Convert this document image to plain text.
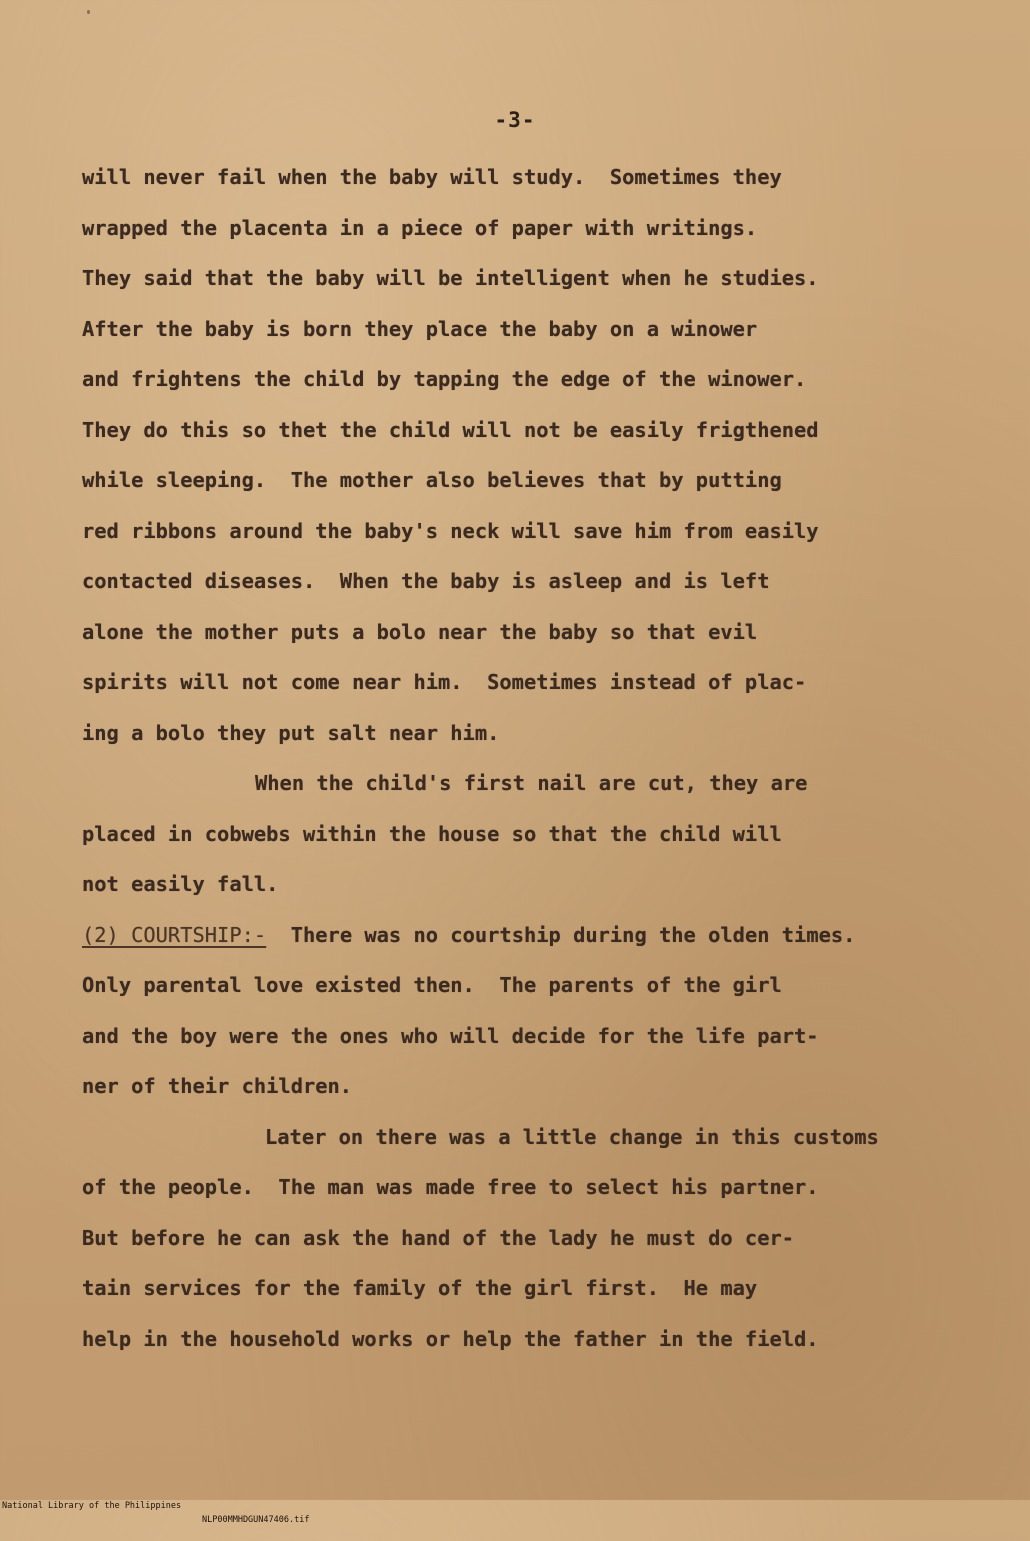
-3-
will never fail when the baby will study.  Sometimes they
wrapped the placenta in a piece of paper with writings.
They said that the baby will be intelligent when he studies.
After the baby is born they place the baby on a winower
and frightens the child by tapping the edge of the winower.
They do this so thet the child will not be easily frigthened
while sleeping.  The mother also believes that by putting
red ribbons around the baby's neck will save him from easily
contacted diseases.  When the baby is asleep and is left
alone the mother puts a bolo near the baby so that evil
spirits will not come near him.  Sometimes instead of plac-
ing a bolo they put salt near him.
When the child's first nail are cut, they are
placed in cobwebs within the house so that the child will
not easily fall.
(2) COURTSHIP:- There was no courtship during the olden times.
Only parental love existed then.  The parents of the girl
and the boy were the ones who will decide for the life part-
ner of their children.
Later on there was a little change in this customs
of the people.  The man was made free to select his partner.
But before he can ask the hand of the lady he must do cer-
tain services for the family of the girl first.  He may
help in the household works or help the father in the field.

National Library of the Philippines

NLP00MMHDGUN47406.tif
